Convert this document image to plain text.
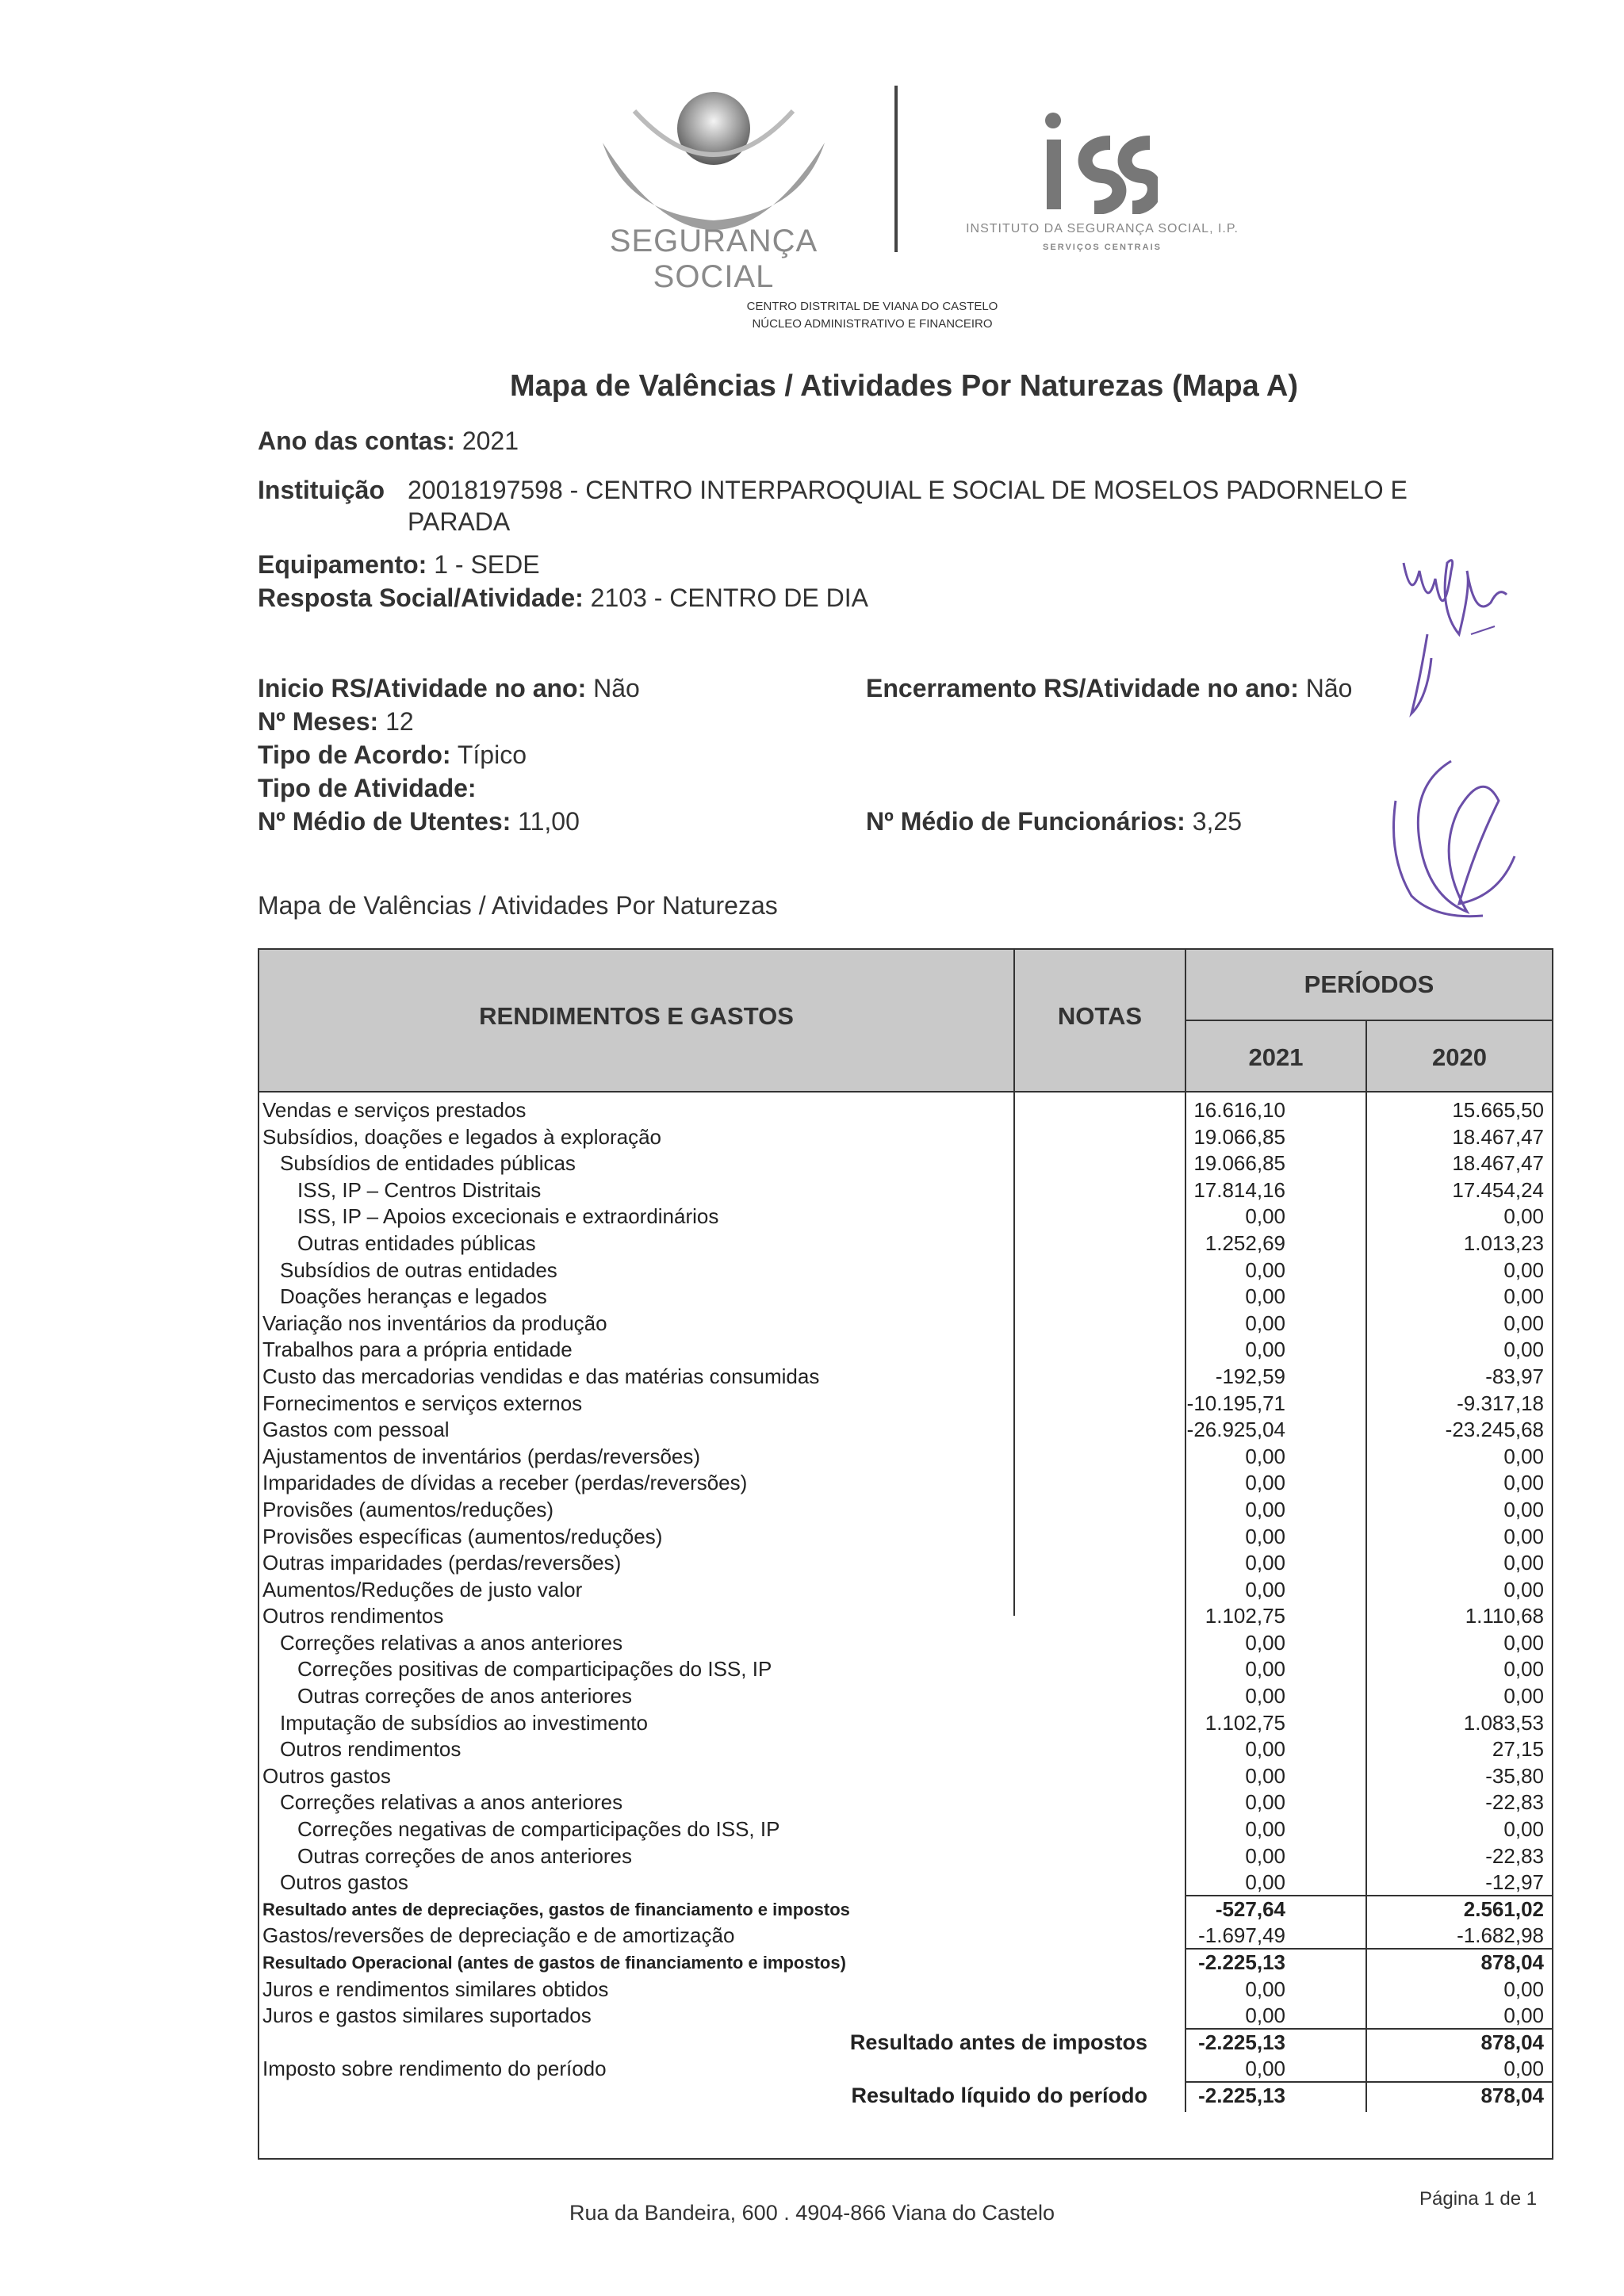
SEGURANÇA SOCIAL
INSTITUTO DA SEGURANÇA SOCIAL, I.P.
SERVIÇOS CENTRAIS
CENTRO DISTRITAL DE VIANA DO CASTELO
NÚCLEO ADMINISTRATIVO E FINANCEIRO
Mapa de Valências / Atividades Por Naturezas (Mapa A)
Ano das contas: 2021
Instituição 20018197598 - CENTRO INTERPAROQUIAL E SOCIAL DE MOSELOS PADORNELO E
PARADA
Equipamento: 1 - SEDE
Resposta Social/Atividade: 2103 - CENTRO DE DIA
Inicio RS/Atividade no ano: Não	Encerramento RS/Atividade no ano: Não
Nº Meses: 12
Tipo de Acordo: Típico
Tipo de Atividade:
Nº Médio de Utentes: 11,00	Nº Médio de Funcionários: 3,25
Mapa de Valências / Atividades Por Naturezas
RENDIMENTOS E GASTOS	NOTAS
PERÍODOS
2021	2020
Vendas e serviços prestados	16.616,10	15.665,50
Subsídios, doações e legados à exploração	19.066,85	18.467,47
Subsídios de entidades públicas	19.066,85	18.467,47
ISS, IP – Centros Distritais	17.814,16	17.454,24
ISS, IP – Apoios excecionais e extraordinários	0,00	0,00
Outras entidades públicas	1.252,69	1.013,23
Subsídios de outras entidades	0,00	0,00
Doações heranças e legados	0,00	0,00
Variação nos inventários da produção	0,00	0,00
Trabalhos para a própria entidade	0,00	0,00
Custo das mercadorias vendidas e das matérias consumidas	-192,59	-83,97
Fornecimentos e serviços externos	-10.195,71	-9.317,18
Gastos com pessoal	-26.925,04	-23.245,68
Ajustamentos de inventários (perdas/reversões)	0,00	0,00
Imparidades de dívidas a receber (perdas/reversões)	0,00	0,00
Provisões (aumentos/reduções)	0,00	0,00
Provisões específicas (aumentos/reduções)	0,00	0,00
Outras imparidades (perdas/reversões)	0,00	0,00
Aumentos/Reduções de justo valor	0,00	0,00
Outros rendimentos	1.102,75	1.110,68
Correções relativas a anos anteriores	0,00	0,00
Correções positivas de comparticipações do ISS, IP	0,00	0,00
Outras correções de anos anteriores	0,00	0,00
Imputação de subsídios ao investimento	1.102,75	1.083,53
Outros rendimentos	0,00	27,15
Outros gastos	0,00	-35,80
Correções relativas a anos anteriores	0,00	-22,83
Correções negativas de comparticipações do ISS, IP	0,00	0,00
Outras correções de anos anteriores	0,00	-22,83
Outros gastos	0,00	-12,97
Resultado antes de depreciações, gastos de financiamento e impostos	-527,64	2.561,02
Gastos/reversões de depreciação e de amortização	-1.697,49	-1.682,98
Resultado Operacional (antes de gastos de financiamento e impostos)	-2.225,13	878,04
Juros e rendimentos similares obtidos	0,00	0,00
Juros e gastos similares suportados	0,00	0,00
Resultado antes de impostos -2.225,13	878,04
Imposto sobre rendimento do período	0,00	0,00
Resultado líquido do período -2.225,13	878,04
Rua da Bandeira, 600 . 4904-866 Viana do Castelo
Página 1 de 1
